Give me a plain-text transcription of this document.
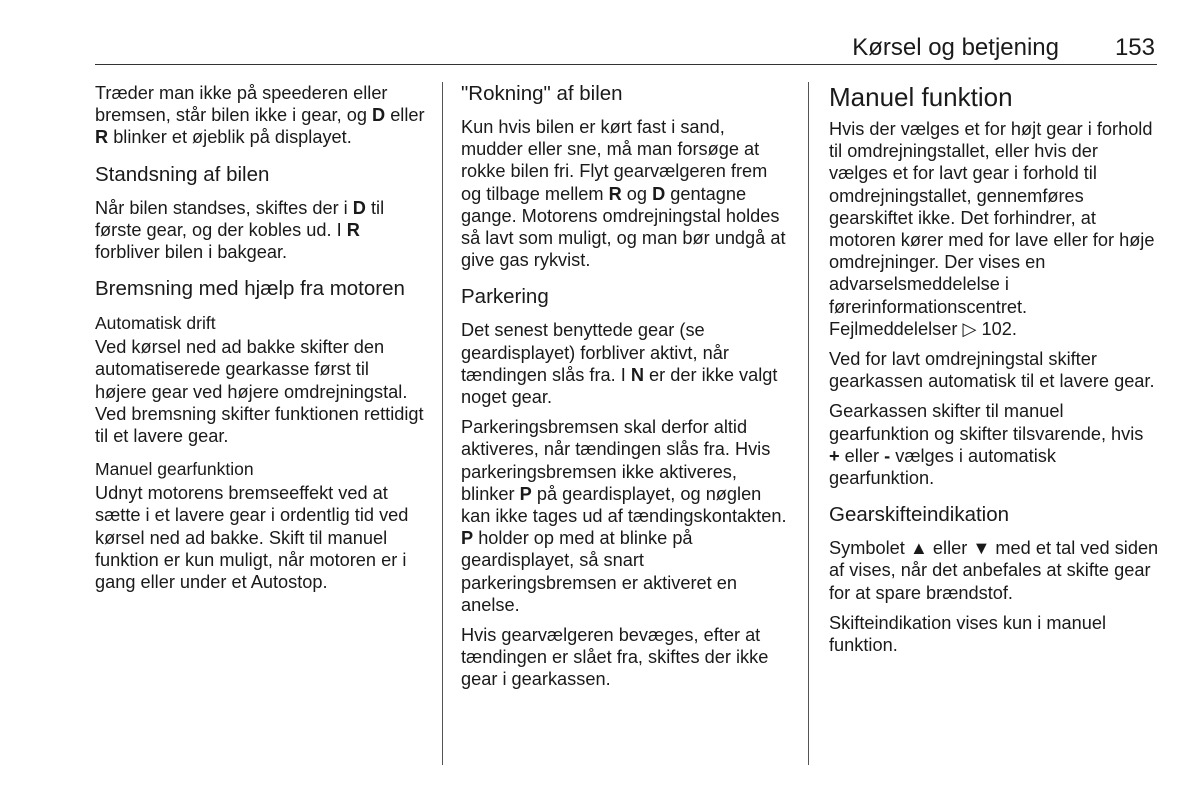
Kørsel og betjening 153

Træder man ikke på speederen eller bremsen, står bilen ikke i gear, og D eller R blinker et øjeblik på displayet.

Standsning af bilen

Når bilen standses, skiftes der i D til første gear, og der kobles ud. I R forbliver bilen i bakgear.

Bremsning med hjælp fra motoren
Automatisk drift

Ved kørsel ned ad bakke skifter den automatiserede gearkasse først til højere gear ved højere omdrejningstal. Ved bremsning skifter funktionen rettidigt til et lavere gear.

Manuel gearfunktion

Udnyt motorens bremseeffekt ved at sætte i et lavere gear i ordentlig tid ved kørsel ned ad bakke. Skift til manuel funktion er kun muligt, når motoren er i gang eller under et Autostop.

"Rokning" af bilen

Kun hvis bilen er kørt fast i sand, mudder eller sne, må man forsøge at rokke bilen fri. Flyt gearvælgeren frem og tilbage mellem R og D gentagne gange. Motorens omdrejningstal holdes så lavt som muligt, og man bør undgå at give gas rykvist.

Parkering

Det senest benyttede gear (se geardisplayet) forbliver aktivt, når tændingen slås fra. I N er der ikke valgt noget gear.

Parkeringsbremsen skal derfor altid aktiveres, når tændingen slås fra. Hvis parkeringsbremsen ikke aktiveres, blinker P på geardisplayet, og nøglen kan ikke tages ud af tændingskontakten. P holder op med at blinke på geardisplayet, så snart parkeringsbremsen er aktiveret en anelse.

Hvis gearvælgeren bevæges, efter at tændingen er slået fra, skiftes der ikke gear i gearkassen.

Manuel funktion

Hvis der vælges et for højt gear i forhold til omdrejningstallet, eller hvis der vælges et for lavt gear i forhold til omdrejningstallet, gennemføres gearskiftet ikke. Det forhindrer, at motoren kører med for lave eller for høje omdrejninger. Der vises en advarselsmeddelelse i førerinformationscentret. Fejlmeddelelser ▷ 102.

Ved for lavt omdrejningstal skifter gearkassen automatisk til et lavere gear.

Gearkassen skifter til manuel gearfunktion og skifter tilsvarende, hvis + eller - vælges i automatisk gearfunktion.

Gearskifteindikation

Symbolet ▲ eller ▼ med et tal ved siden af vises, når det anbefales at skifte gear for at spare brændstof.

Skifteindikation vises kun i manuel funktion.
